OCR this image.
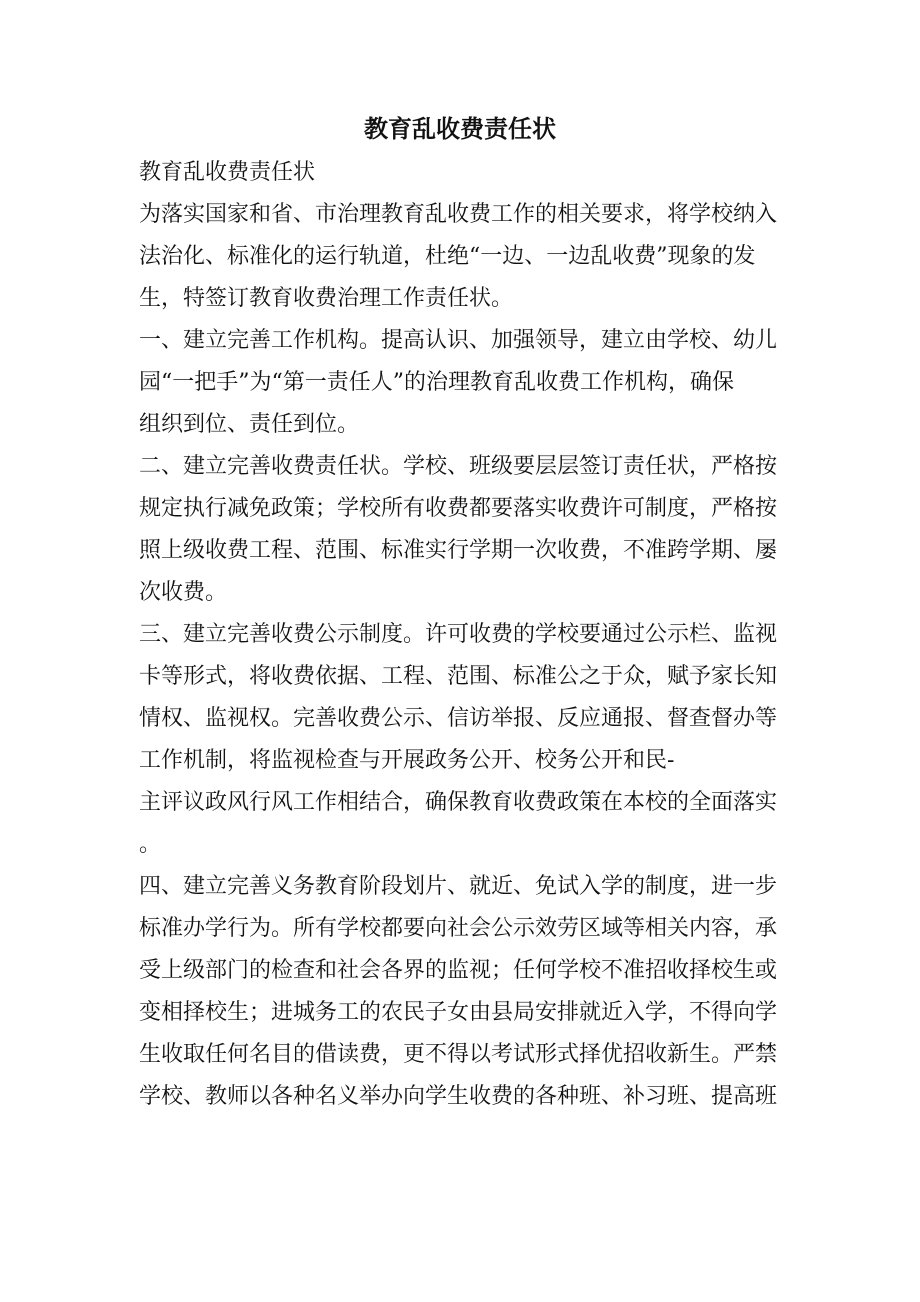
教育乱收费责任状

教育乱收费责任状

为落实国家和省、市治理教育乱收费工作的相关要求，将学校纳入

法治化、标准化的运行轨道，杜绝“一边、一边乱收费”现象的发

生，特签订教育收费治理工作责任状。

一、建立完善工作机构。提高认识、加强领导，建立由学校、幼儿

园“一把手”为“第一责任人”的治理教育乱收费工作机构，确保

组织到位、责任到位。

二、建立完善收费责任状。学校、班级要层层签订责任状，严格按

规定执行减免政策；学校所有收费都要落实收费许可制度，严格按

照上级收费工程、范围、标准实行学期一次收费，不准跨学期、屡

次收费。

三、建立完善收费公示制度。许可收费的学校要通过公示栏、监视

卡等形式，将收费依据、工程、范围、标准公之于众，赋予家长知

情权、监视权。完善收费公示、信访举报、反应通报、督查督办等

工作机制，将监视检查与开展政务公开、校务公开和民-

主评议政风行风工作相结合，确保教育收费政策在本校的全面落实

。

四、建立完善义务教育阶段划片、就近、免试入学的制度，进一步

标准办学行为。所有学校都要向社会公示效劳区域等相关内容，承

受上级部门的检查和社会各界的监视；任何学校不准招收择校生或

变相择校生；进城务工的农民子女由县局安排就近入学，不得向学

生收取任何名目的借读费，更不得以考试形式择优招收新生。严禁

学校、教师以各种名义举办向学生收费的各种班、补习班、提高班
